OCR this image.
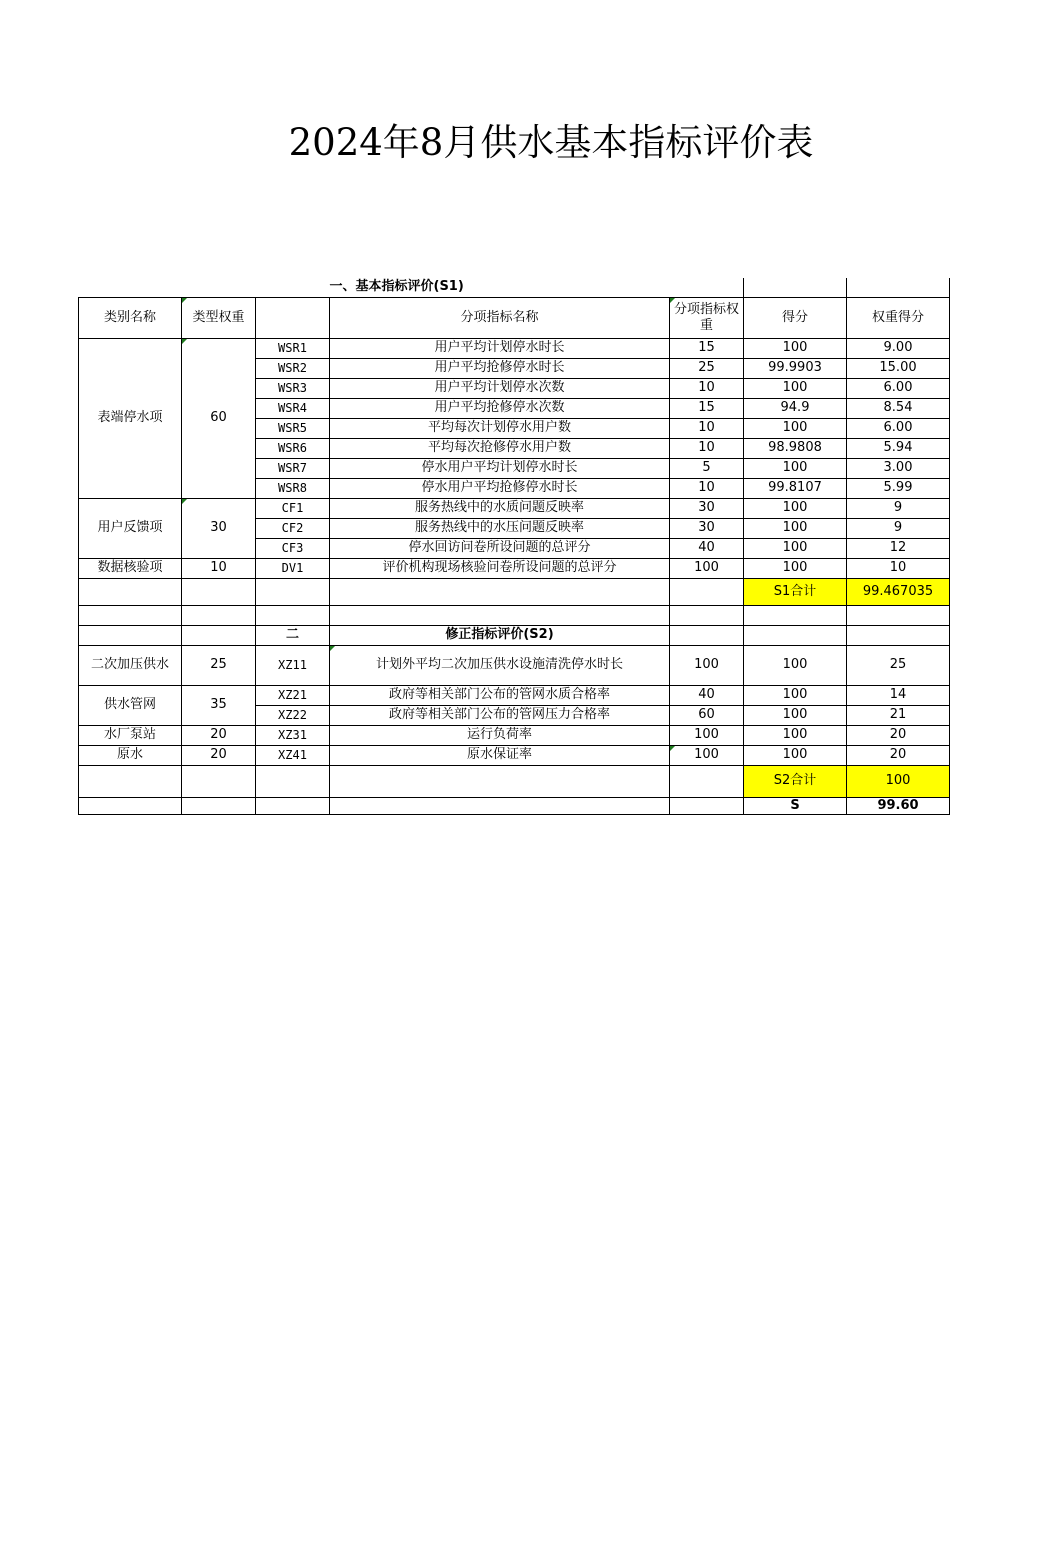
2024年8月供水基本指标评价表
			一、基本指标评价(S1)			
类别名称	类型权重		分项指标名称	分项指标权重	得分	权重得分
表端停水项	60	WSR1	用户平均计划停水时长	15	100	9.00
		WSR2	用户平均抢修停水时长	25	99.9903	15.00
		WSR3	用户平均计划停水次数	10	100	6.00
		WSR4	用户平均抢修停水次数	15	94.9	8.54
		WSR5	平均每次计划停水用户数	10	100	6.00
		WSR6	平均每次抢修停水用户数	10	98.9808	5.94
		WSR7	停水用户平均计划停水时长	5	100	3.00
		WSR8	停水用户平均抢修停水时长	10	99.8107	5.99
用户反馈项	30	CF1	服务热线中的水质问题反映率	30	100	9
		CF2	服务热线中的水压问题反映率	30	100	9
		CF3	停水回访问卷所设问题的总评分	40	100	12
数据核验项	10	DV1	评价机构现场核验问卷所设问题的总评分	100	100	10
					S1合计	99.467035

		二	修正指标评价(S2)			
二次加压供水	25	XZ11	计划外平均二次加压供水设施清洗停水时长	100	100	25
供水管网	35	XZ21	政府等相关部门公布的管网水质合格率	40	100	14
		XZ22	政府等相关部门公布的管网压力合格率	60	100	21
水厂泵站	20	XZ31	运行负荷率	100	100	20
原水	20	XZ41	原水保证率	100	100	20
					S2合计	100
					S	99.60
